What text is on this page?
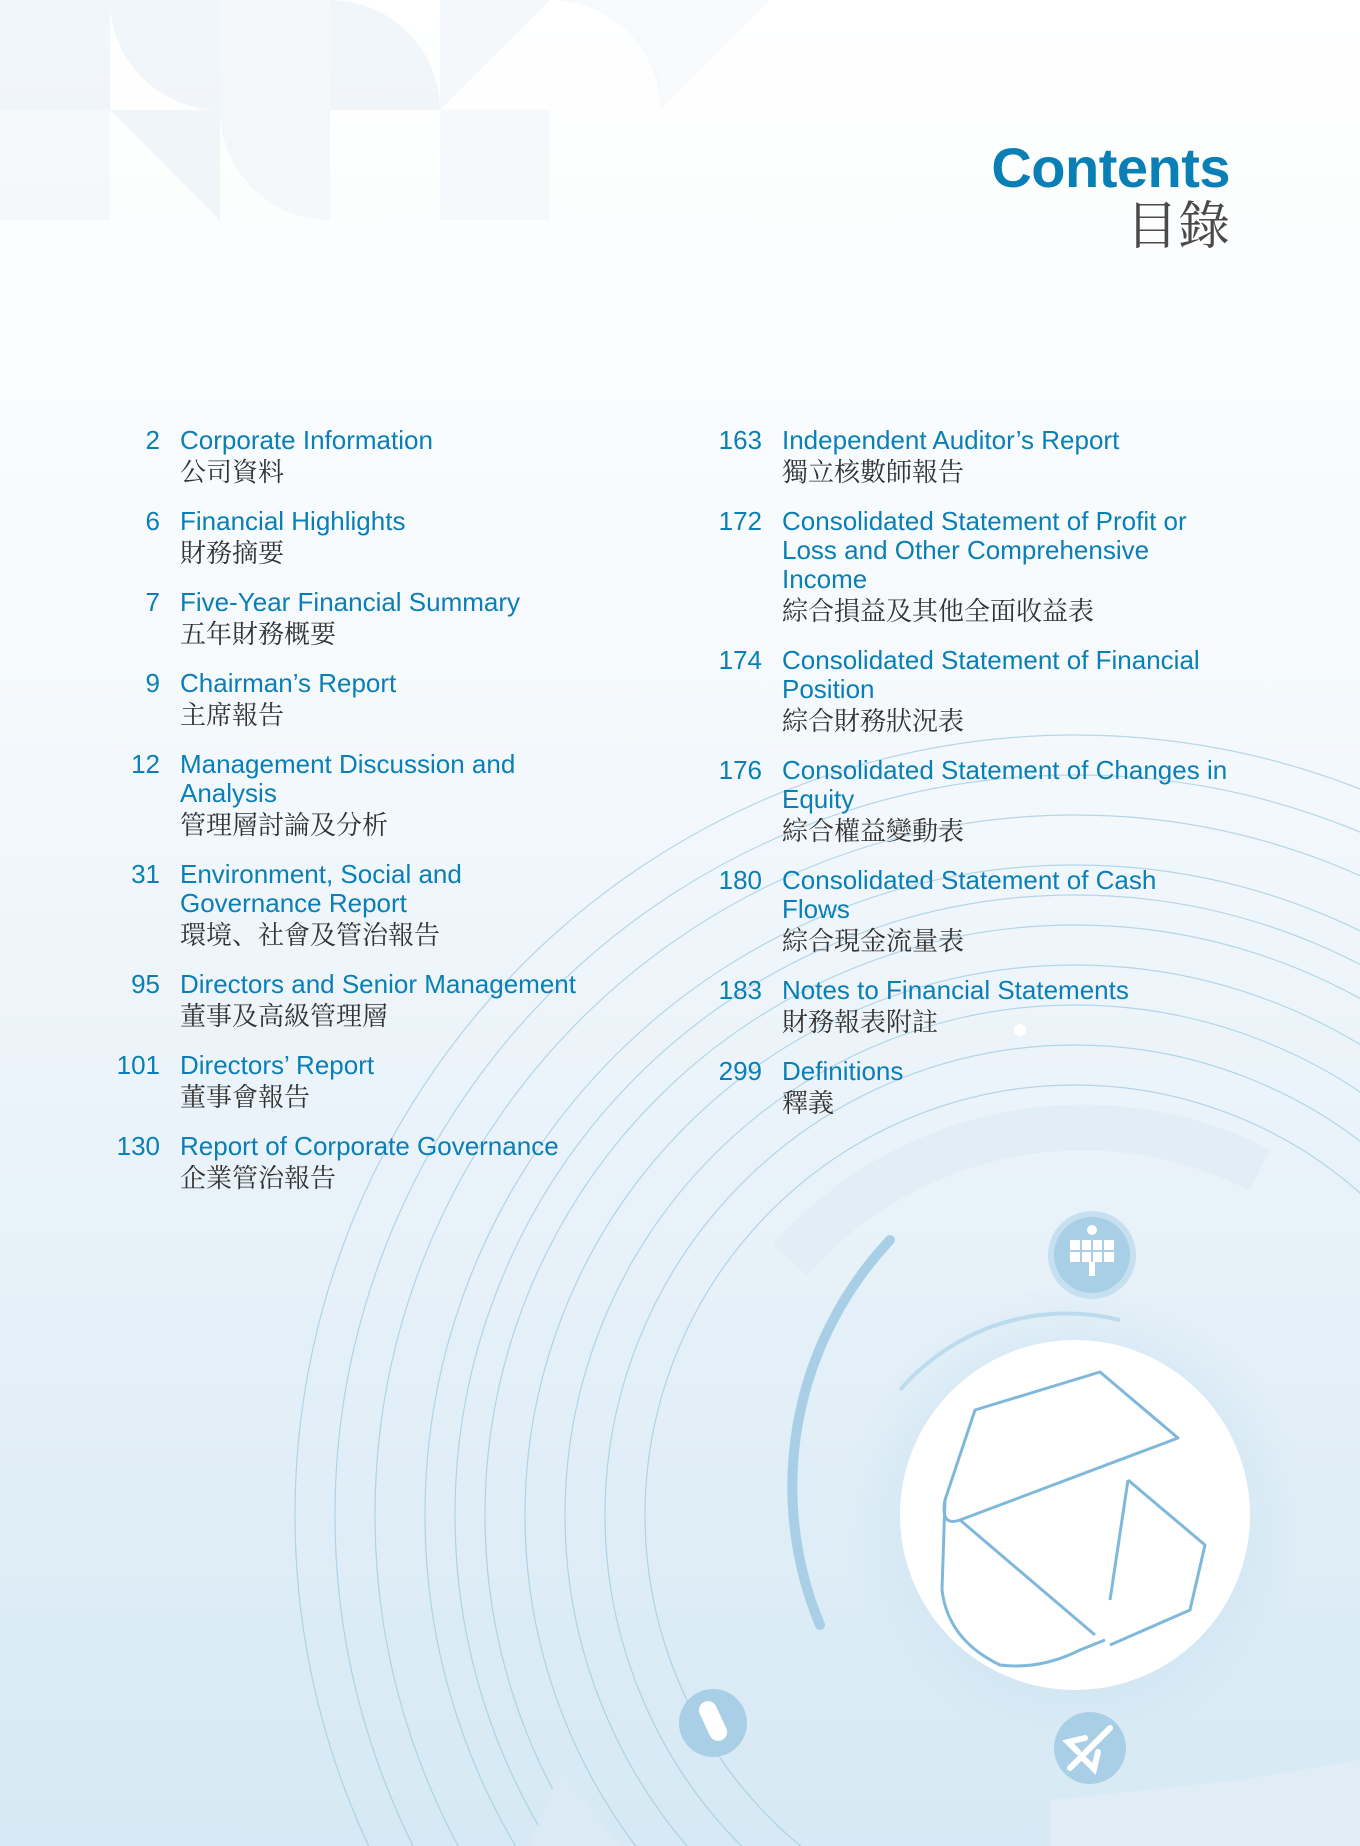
Contents
目錄
2 Corporate Information
公司資料
6 Financial Highlights
財務摘要
7 Five-Year Financial Summary
五年財務概要
9 Chairman’s Report
主席報告
12 Management Discussion and Analysis
管理層討論及分析
31 Environment, Social and Governance Report
環境、社會及管治報告
95 Directors and Senior Management
董事及高級管理層
101 Directors’ Report
董事會報告
130 Report of Corporate Governance
企業管治報告
163 Independent Auditor’s Report
獨立核數師報告
172 Consolidated Statement of Profit or Loss and Other Comprehensive Income
綜合損益及其他全面收益表
174 Consolidated Statement of Financial Position
綜合財務狀況表
176 Consolidated Statement of Changes in Equity
綜合權益變動表
180 Consolidated Statement of Cash Flows
綜合現金流量表
183 Notes to Financial Statements
財務報表附註
299 Definitions
釋義
